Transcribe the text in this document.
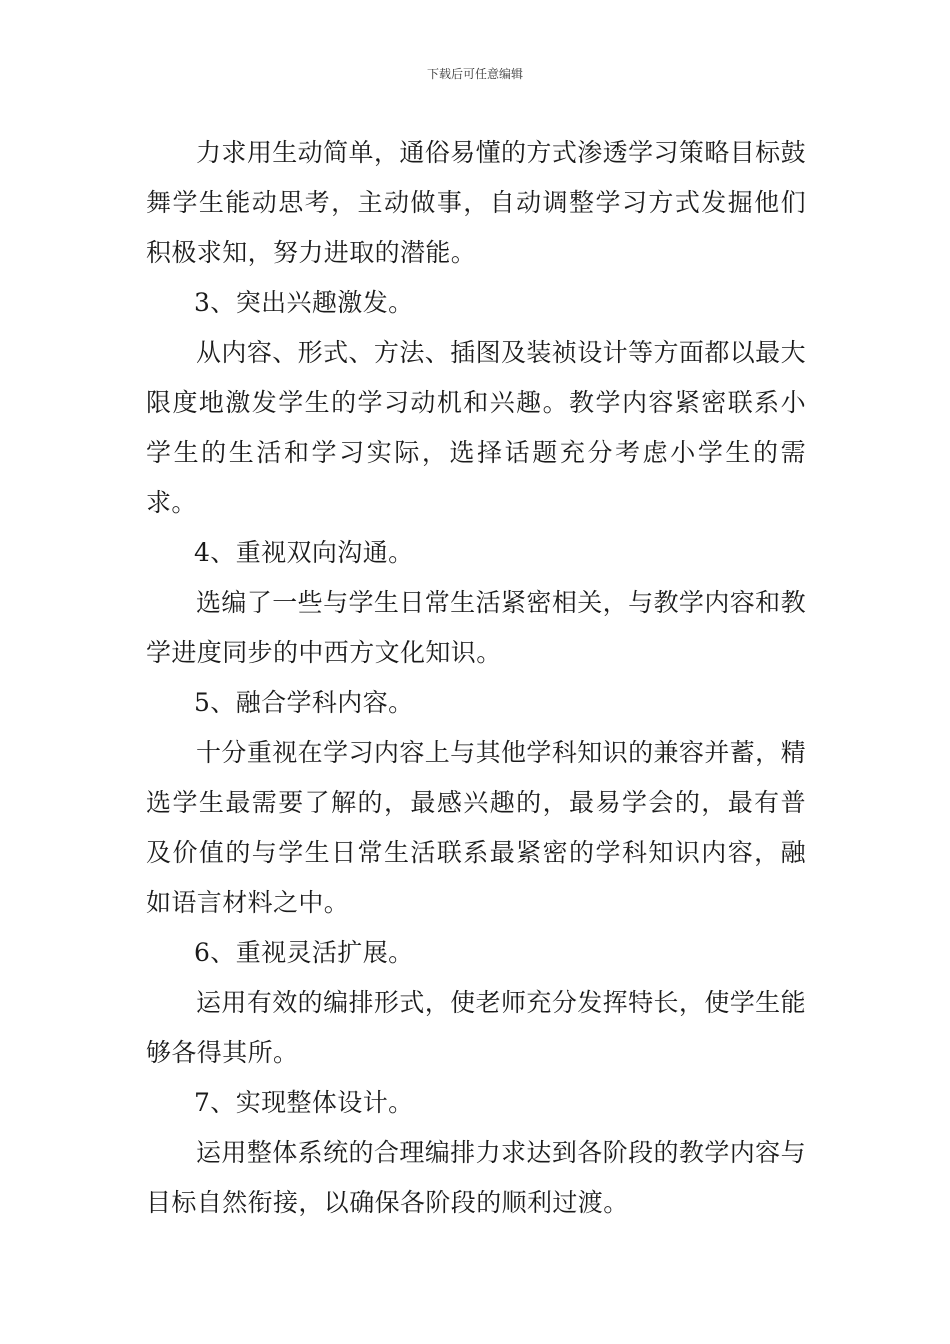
下载后可任意编辑

力求用生动简单，通俗易懂的方式渗透学习策略目标鼓舞学生能动思考，主动做事，自动调整学习方式发掘他们积极求知，努力进取的潜能。

3、突出兴趣激发。

从内容、形式、方法、插图及装祯设计等方面都以最大限度地激发学生的学习动机和兴趣。教学内容紧密联系小学生的生活和学习实际，选择话题充分考虑小学生的需求。

4、重视双向沟通。

选编了一些与学生日常生活紧密相关，与教学内容和教学进度同步的中西方文化知识。

5、融合学科内容。

十分重视在学习内容上与其他学科知识的兼容并蓄，精选学生最需要了解的，最感兴趣的，最易学会的，最有普及价值的与学生日常生活联系最紧密的学科知识内容，融如语言材料之中。

6、重视灵活扩展。

运用有效的编排形式，使老师充分发挥特长，使学生能够各得其所。

7、实现整体设计。

运用整体系统的合理编排力求达到各阶段的教学内容与目标自然衔接，以确保各阶段的顺利过渡。
